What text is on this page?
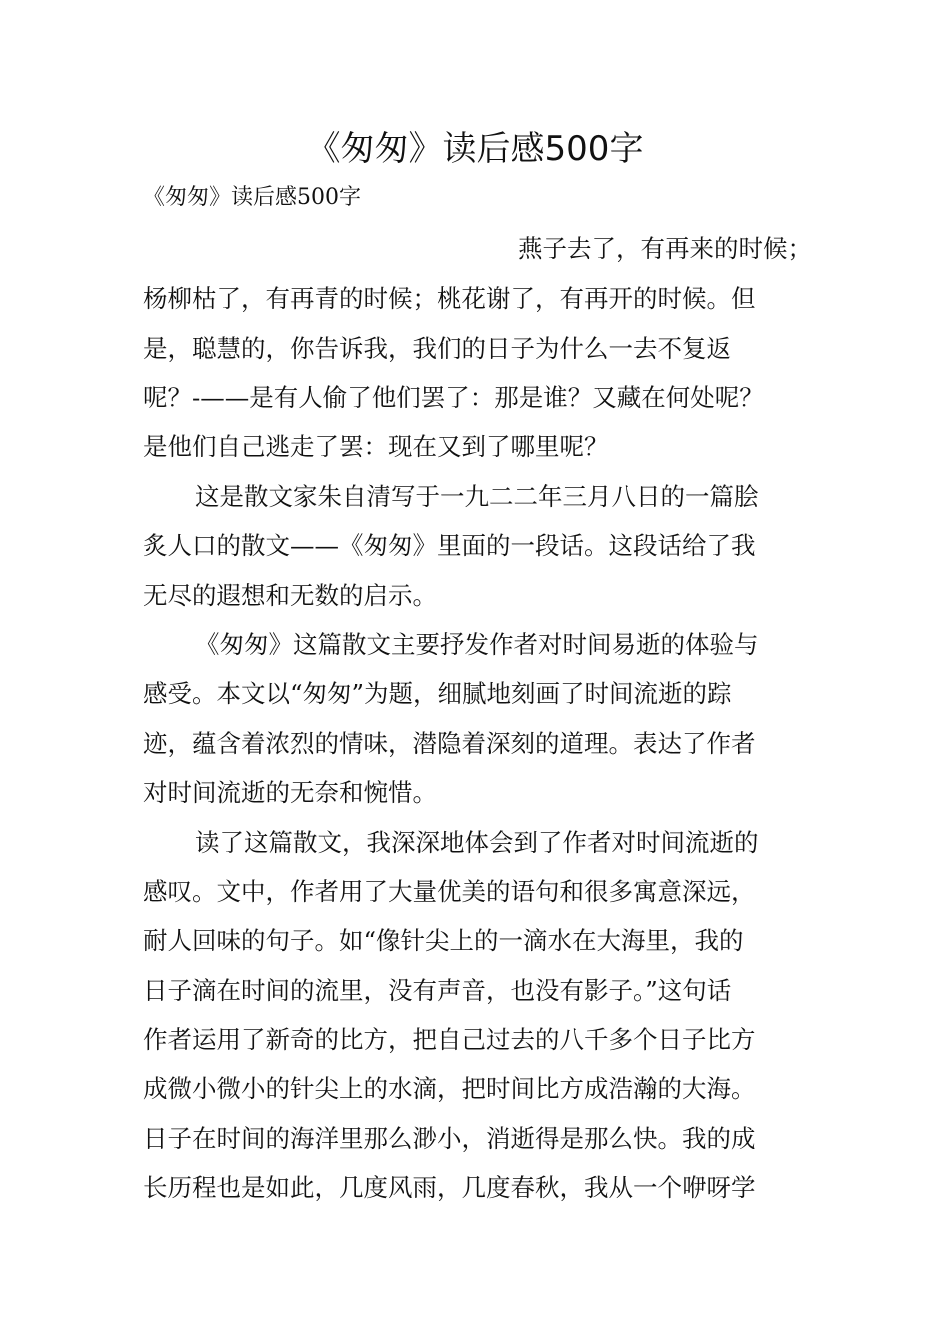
《匆匆》读后感500字
《匆匆》读后感500字
燕子去了，有再来的时候；
杨柳枯了，有再青的时候；桃花谢了，有再开的时候。但
是，聪慧的，你告诉我，我们的日子为什么一去不复返
呢？-——是有人偷了他们罢了：那是谁？又藏在何处呢？
是他们自己逃走了罢：现在又到了哪里呢？
这是散文家朱自清写于一九二二年三月八日的一篇脍
炙人口的散文——《匆匆》里面的一段话。这段话给了我
无尽的遐想和无数的启示。
《匆匆》这篇散文主要抒发作者对时间易逝的体验与
感受。本文以“匆匆”为题，细腻地刻画了时间流逝的踪
迹，蕴含着浓烈的情味，潜隐着深刻的道理。表达了作者
对时间流逝的无奈和惋惜。
读了这篇散文，我深深地体会到了作者对时间流逝的
感叹。文中，作者用了大量优美的语句和很多寓意深远，
耐人回味的句子。如“像针尖上的一滴水在大海里，我的
日子滴在时间的流里，没有声音，也没有影子。”这句话
作者运用了新奇的比方，把自己过去的八千多个日子比方
成微小微小的针尖上的水滴，把时间比方成浩瀚的大海。
日子在时间的海洋里那么渺小，消逝得是那么快。我的成
长历程也是如此，几度风雨，几度春秋，我从一个咿呀学
